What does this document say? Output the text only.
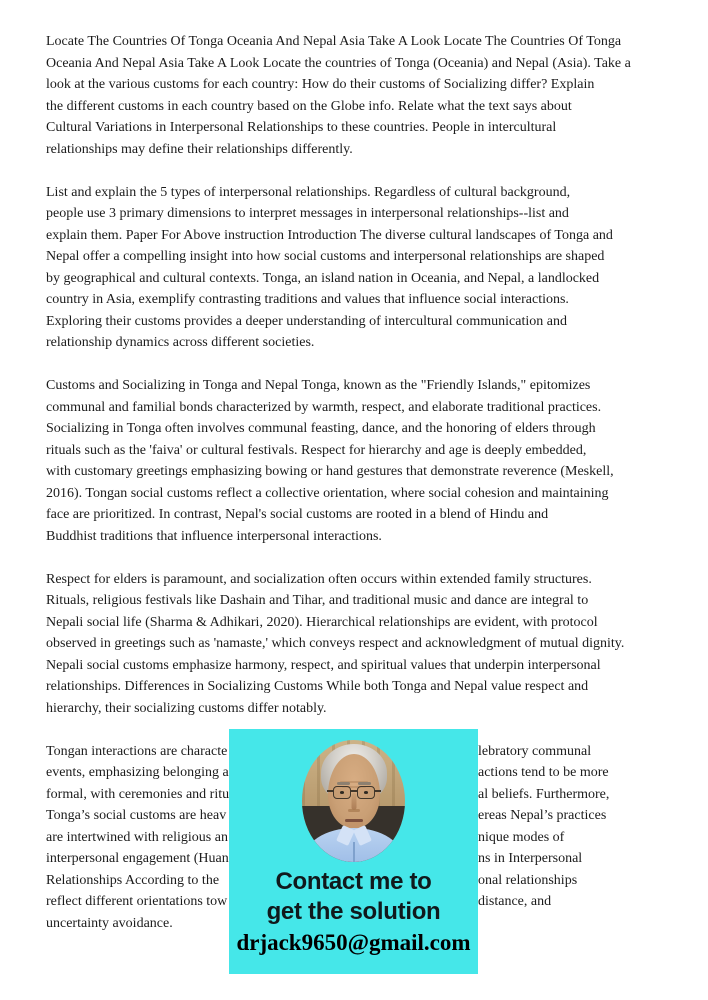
Locate The Countries Of Tonga Oceania And Nepal Asia Take A Look Locate The Countries Of Tonga
Oceania And Nepal Asia Take A Look Locate the countries of Tonga (Oceania) and Nepal (Asia). Take a
look at the various customs for each country: How do their customs of Socializing differ? Explain
the different customs in each country based on the Globe info. Relate what the text says about
Cultural Variations in Interpersonal Relationships to these countries. People in intercultural
relationships may define their relationships differently.
List and explain the 5 types of interpersonal relationships. Regardless of cultural background,
people use 3 primary dimensions to interpret messages in interpersonal relationships--list and
explain them. Paper For Above instruction Introduction The diverse cultural landscapes of Tonga and
Nepal offer a compelling insight into how social customs and interpersonal relationships are shaped
by geographical and cultural contexts. Tonga, an island nation in Oceania, and Nepal, a landlocked
country in Asia, exemplify contrasting traditions and values that influence social interactions.
Exploring their customs provides a deeper understanding of intercultural communication and
relationship dynamics across different societies.
Customs and Socializing in Tonga and Nepal Tonga, known as the "Friendly Islands," epitomizes
communal and familial bonds characterized by warmth, respect, and elaborate traditional practices.
Socializing in Tonga often involves communal feasting, dance, and the honoring of elders through
rituals such as the 'faiva' or cultural festivals. Respect for hierarchy and age is deeply embedded,
with customary greetings emphasizing bowing or hand gestures that demonstrate reverence (Meskell,
2016). Tongan social customs reflect a collective orientation, where social cohesion and maintaining
face are prioritized. In contrast, Nepal's social customs are rooted in a blend of Hindu and
Buddhist traditions that influence interpersonal interactions.
Respect for elders is paramount, and socialization often occurs within extended family structures.
Rituals, religious festivals like Dashain and Tihar, and traditional music and dance are integral to
Nepali social life (Sharma & Adhikari, 2020). Hierarchical relationships are evident, with protocol
observed in greetings such as 'namaste,' which conveys respect and acknowledgment of mutual dignity.
Nepali social customs emphasize harmony, respect, and spiritual values that underpin interpersonal
relationships. Differences in Socializing Customs While both Tonga and Nepal value respect and
hierarchy, their socializing customs differ notably.
Tongan interactions are characte	lebratory communal
events, emphasizing belonging a	actions tend to be more
formal, with ceremonies and ritu	al beliefs. Furthermore,
Tonga’s social customs are heav	ereas Nepal’s practices
are intertwined with religious an	nique modes of
interpersonal engagement (Huan	ns in Interpersonal
Relationships According to the	onal relationships
reflect different orientations tow	distance, and
uncertainty avoidance.
Contact me to
get the solution
drjack9650@gmail.com
